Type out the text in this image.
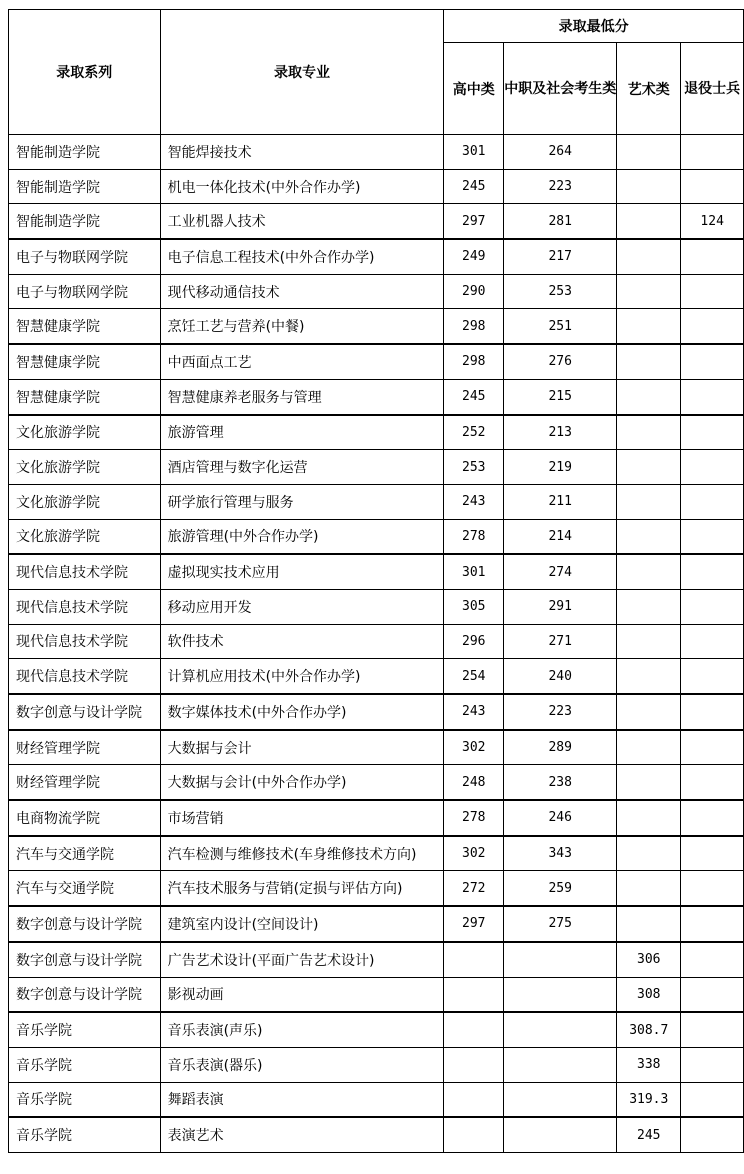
录取系列	录取专业	录取最低分			
		高中类	中职及社会考生类	艺术类	退役士兵
智能制造学院	智能焊接技术	301	264		
智能制造学院	机电一体化技术(中外合作办学)	245	223		
智能制造学院	工业机器人技术	297	281		124
电子与物联网学院	电子信息工程技术(中外合作办学)	249	217		
电子与物联网学院	现代移动通信技术	290	253		
智慧健康学院	烹饪工艺与营养(中餐)	298	251		
智慧健康学院	中西面点工艺	298	276		
智慧健康学院	智慧健康养老服务与管理	245	215		
文化旅游学院	旅游管理	252	213		
文化旅游学院	酒店管理与数字化运营	253	219		
文化旅游学院	研学旅行管理与服务	243	211		
文化旅游学院	旅游管理(中外合作办学)	278	214		
现代信息技术学院	虚拟现实技术应用	301	274		
现代信息技术学院	移动应用开发	305	291		
现代信息技术学院	软件技术	296	271		
现代信息技术学院	计算机应用技术(中外合作办学)	254	240		
数字创意与设计学院	数字媒体技术(中外合作办学)	243	223		
财经管理学院	大数据与会计	302	289		
财经管理学院	大数据与会计(中外合作办学)	248	238		
电商物流学院	市场营销	278	246		
汽车与交通学院	汽车检测与维修技术(车身维修技术方向)	302	343		
汽车与交通学院	汽车技术服务与营销(定损与评估方向)	272	259		
数字创意与设计学院	建筑室内设计(空间设计)	297	275		
数字创意与设计学院	广告艺术设计(平面广告艺术设计)			306	
数字创意与设计学院	影视动画			308	
音乐学院	音乐表演(声乐)			308.7	
音乐学院	音乐表演(器乐)			338	
音乐学院	舞蹈表演			319.3	
音乐学院	表演艺术			245	
